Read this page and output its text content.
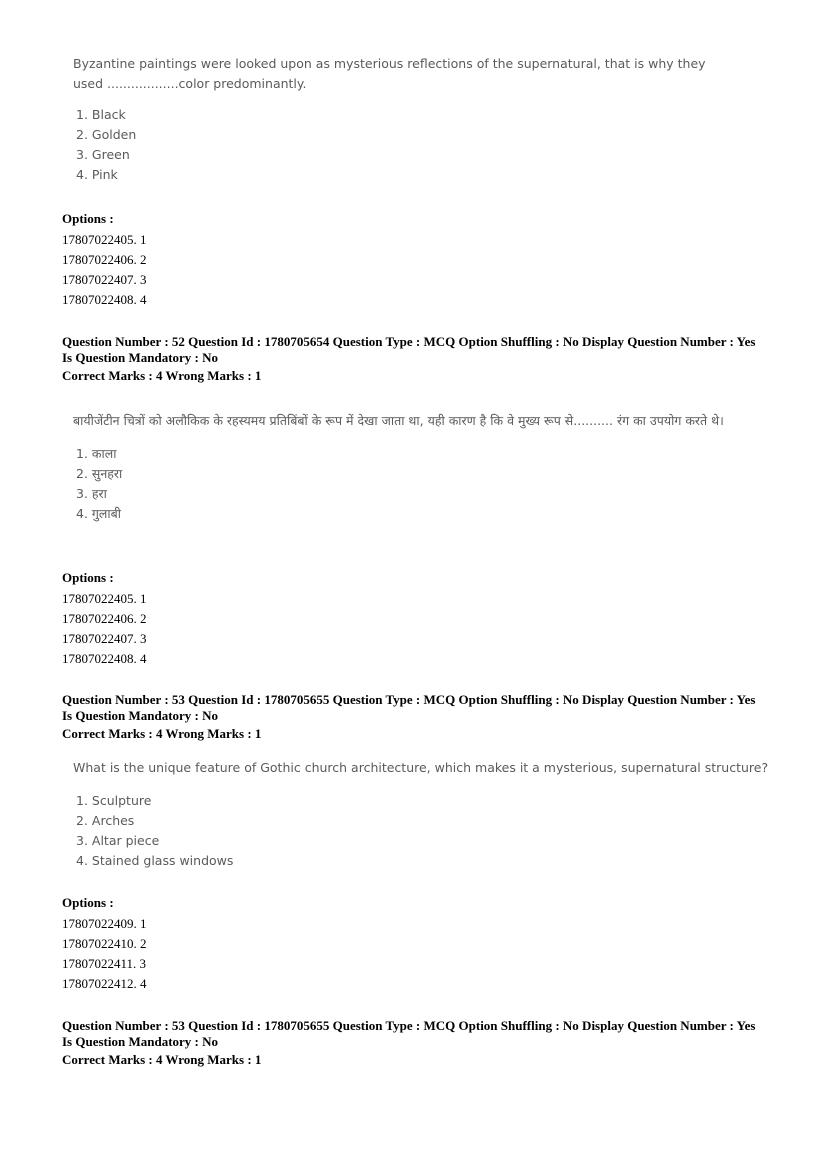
Byzantine paintings were looked upon as mysterious reflections of the supernatural, that is why they used ..................color predominantly.
1. Black
2. Golden
3. Green
4. Pink
Options :
17807022405. 1
17807022406. 2
17807022407. 3
17807022408. 4
Question Number : 52 Question Id : 1780705654 Question Type : MCQ Option Shuffling : No Display Question Number : Yes
Is Question Mandatory : No
Correct Marks : 4 Wrong Marks : 1
बायीजेंटीन चित्रों को अलौकिक के रहस्यमय प्रतिबिंबों के रूप में देखा जाता था, यही कारण है कि वे मुख्य रूप से.......... रंग का उपयोग करते थे।
1. काला
2. सुनहरा
3. हरा
4. गुलाबी
Options :
17807022405. 1
17807022406. 2
17807022407. 3
17807022408. 4
Question Number : 53 Question Id : 1780705655 Question Type : MCQ Option Shuffling : No Display Question Number : Yes
Is Question Mandatory : No
Correct Marks : 4 Wrong Marks : 1
What is the unique feature of Gothic church architecture, which makes it a mysterious, supernatural structure?
1. Sculpture
2. Arches
3. Altar piece
4. Stained glass windows
Options :
17807022409. 1
17807022410. 2
17807022411. 3
17807022412. 4
Question Number : 53 Question Id : 1780705655 Question Type : MCQ Option Shuffling : No Display Question Number : Yes
Is Question Mandatory : No
Correct Marks : 4 Wrong Marks : 1
